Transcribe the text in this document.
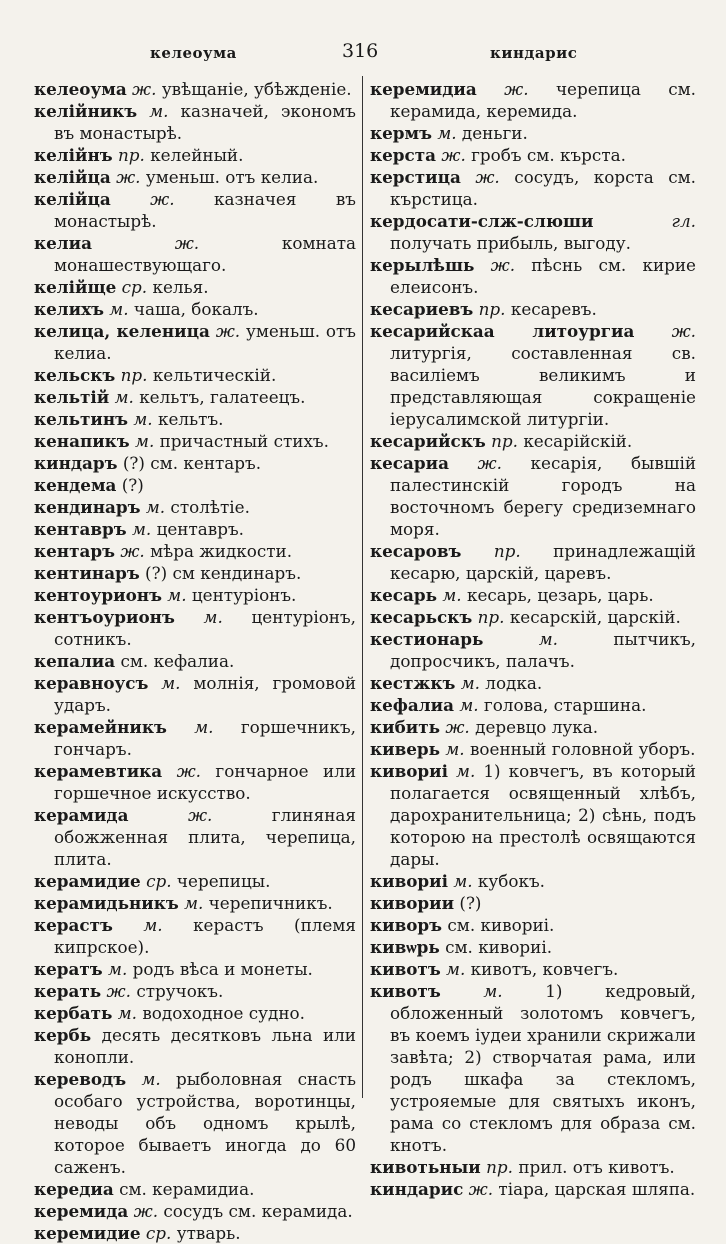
келеоума	316	киндарис

келеоума ж. увѣщаніе, убѣжденіе.

келійникъ м. казначей, экономъ въ монастырѣ.

келійнъ пр. келейный.

келійца ж. уменьш. отъ келиа.

келійца ж. казначея въ монастырѣ.

келиа	ж.	комната монашествующаго.

келійще ср. келья.

келихъ м. чаша, бокалъ.

келица, келеница ж. уменьш. отъ келиа.

кельскъ пр. кельтическій.

кельтій м. кельтъ, галатеецъ.

кельтинъ м. кельтъ.

кенапикъ м. причастный стихъ.

киндаръ (?) см. кентаръ.

кендема (?)

кендинаръ м. столѣтіе.

кентавръ м. центавръ.

кентаръ ж. мѣра жидкости.

кентинаръ (?) см кендинаръ.

кентоурионъ м. центуріонъ.

кентъоурионъ м. центуріонъ, сотникъ.

кепалиа см. кефалиа.

керавноусъ м. молнія, громовой ударъ.

керамейникъ м. горшечникъ, гончаръ.

керамевтика ж. гончарное или горшечное искусство.

керамида	ж.	глиняная обожженная плита, черепица, плита.

керамидие ср. черепицы.

керамидьникъ м. черепичникъ.

керастъ м. керастъ (племя кипрское).

кератъ м. родъ вѣса и монеты.

керать ж. стручокъ.

кербать м. водоходное судно.

кербь десять десятковъ льна или конопли.

кереводъ м. рыболовная снасть особаго устройства, воротинцы, неводы объ одномъ крылѣ, которое бываетъ иногда до 60 саженъ.

кередиа см. керамидиа.

керемида ж. сосудъ см. керамида.

керемидие ср. утварь.

керемидиа ж. черепица см. керамида, керемида.

кермъ м. деньги.

керста ж. гробъ см. кърста.

керстица ж. сосудъ, корста см. кърстица.

кердосати-слж-слюши	гл. получать прибыль, выгоду.

керылѣшь ж. пѣснь см. кирие елеисонъ.

кесариевъ пр. кесаревъ.

кесарийскаа литоургиа ж. литургія, составленная св. василіемъ великимъ и представляющая сокращеніе іерусалимской литургіи.

кесарийскъ пр. кесарійскій.

кесариа ж. кесарія, бывшій палестинскій городъ на восточномъ берегу средиземнаго моря.

кесаровъ пр. принадлежащій кесарю, царскій, царевъ.

кесарь м. кесарь, цезарь, царь.

кесарьскъ пр. кесарскій, царскій.

кестионарь	м.	пытчикъ, допросчикъ, палачъ.

кестжкъ м. лодка.

кефалиа м. голова, старшина.

кибить ж. деревцо лука.

киверь м. военный головной уборъ.

кивориі м. 1) ковчегъ, въ который полагается освященный хлѣбъ, дарохранительница; 2) сѣнь, подъ которою на престолѣ освящаются дары.

кивориі м. кубокъ.

кивории (?)

киворъ см. кивориі.

кивѡрь см. кивориі.

кивотъ м. кивотъ, ковчегъ.

кивотъ	м.	1) кедровый, обложенный золотомъ ковчегъ, въ коемъ іудеи хранили скрижали завѣта; 2) створчатая рама, или родъ шкафа за стекломъ, устрояемые для святыхъ иконъ, рама со стекломъ для образа см. кнотъ.

кивотьныи пр. прил. отъ кивотъ.

киндарис ж. тіара, царская шляпа.
